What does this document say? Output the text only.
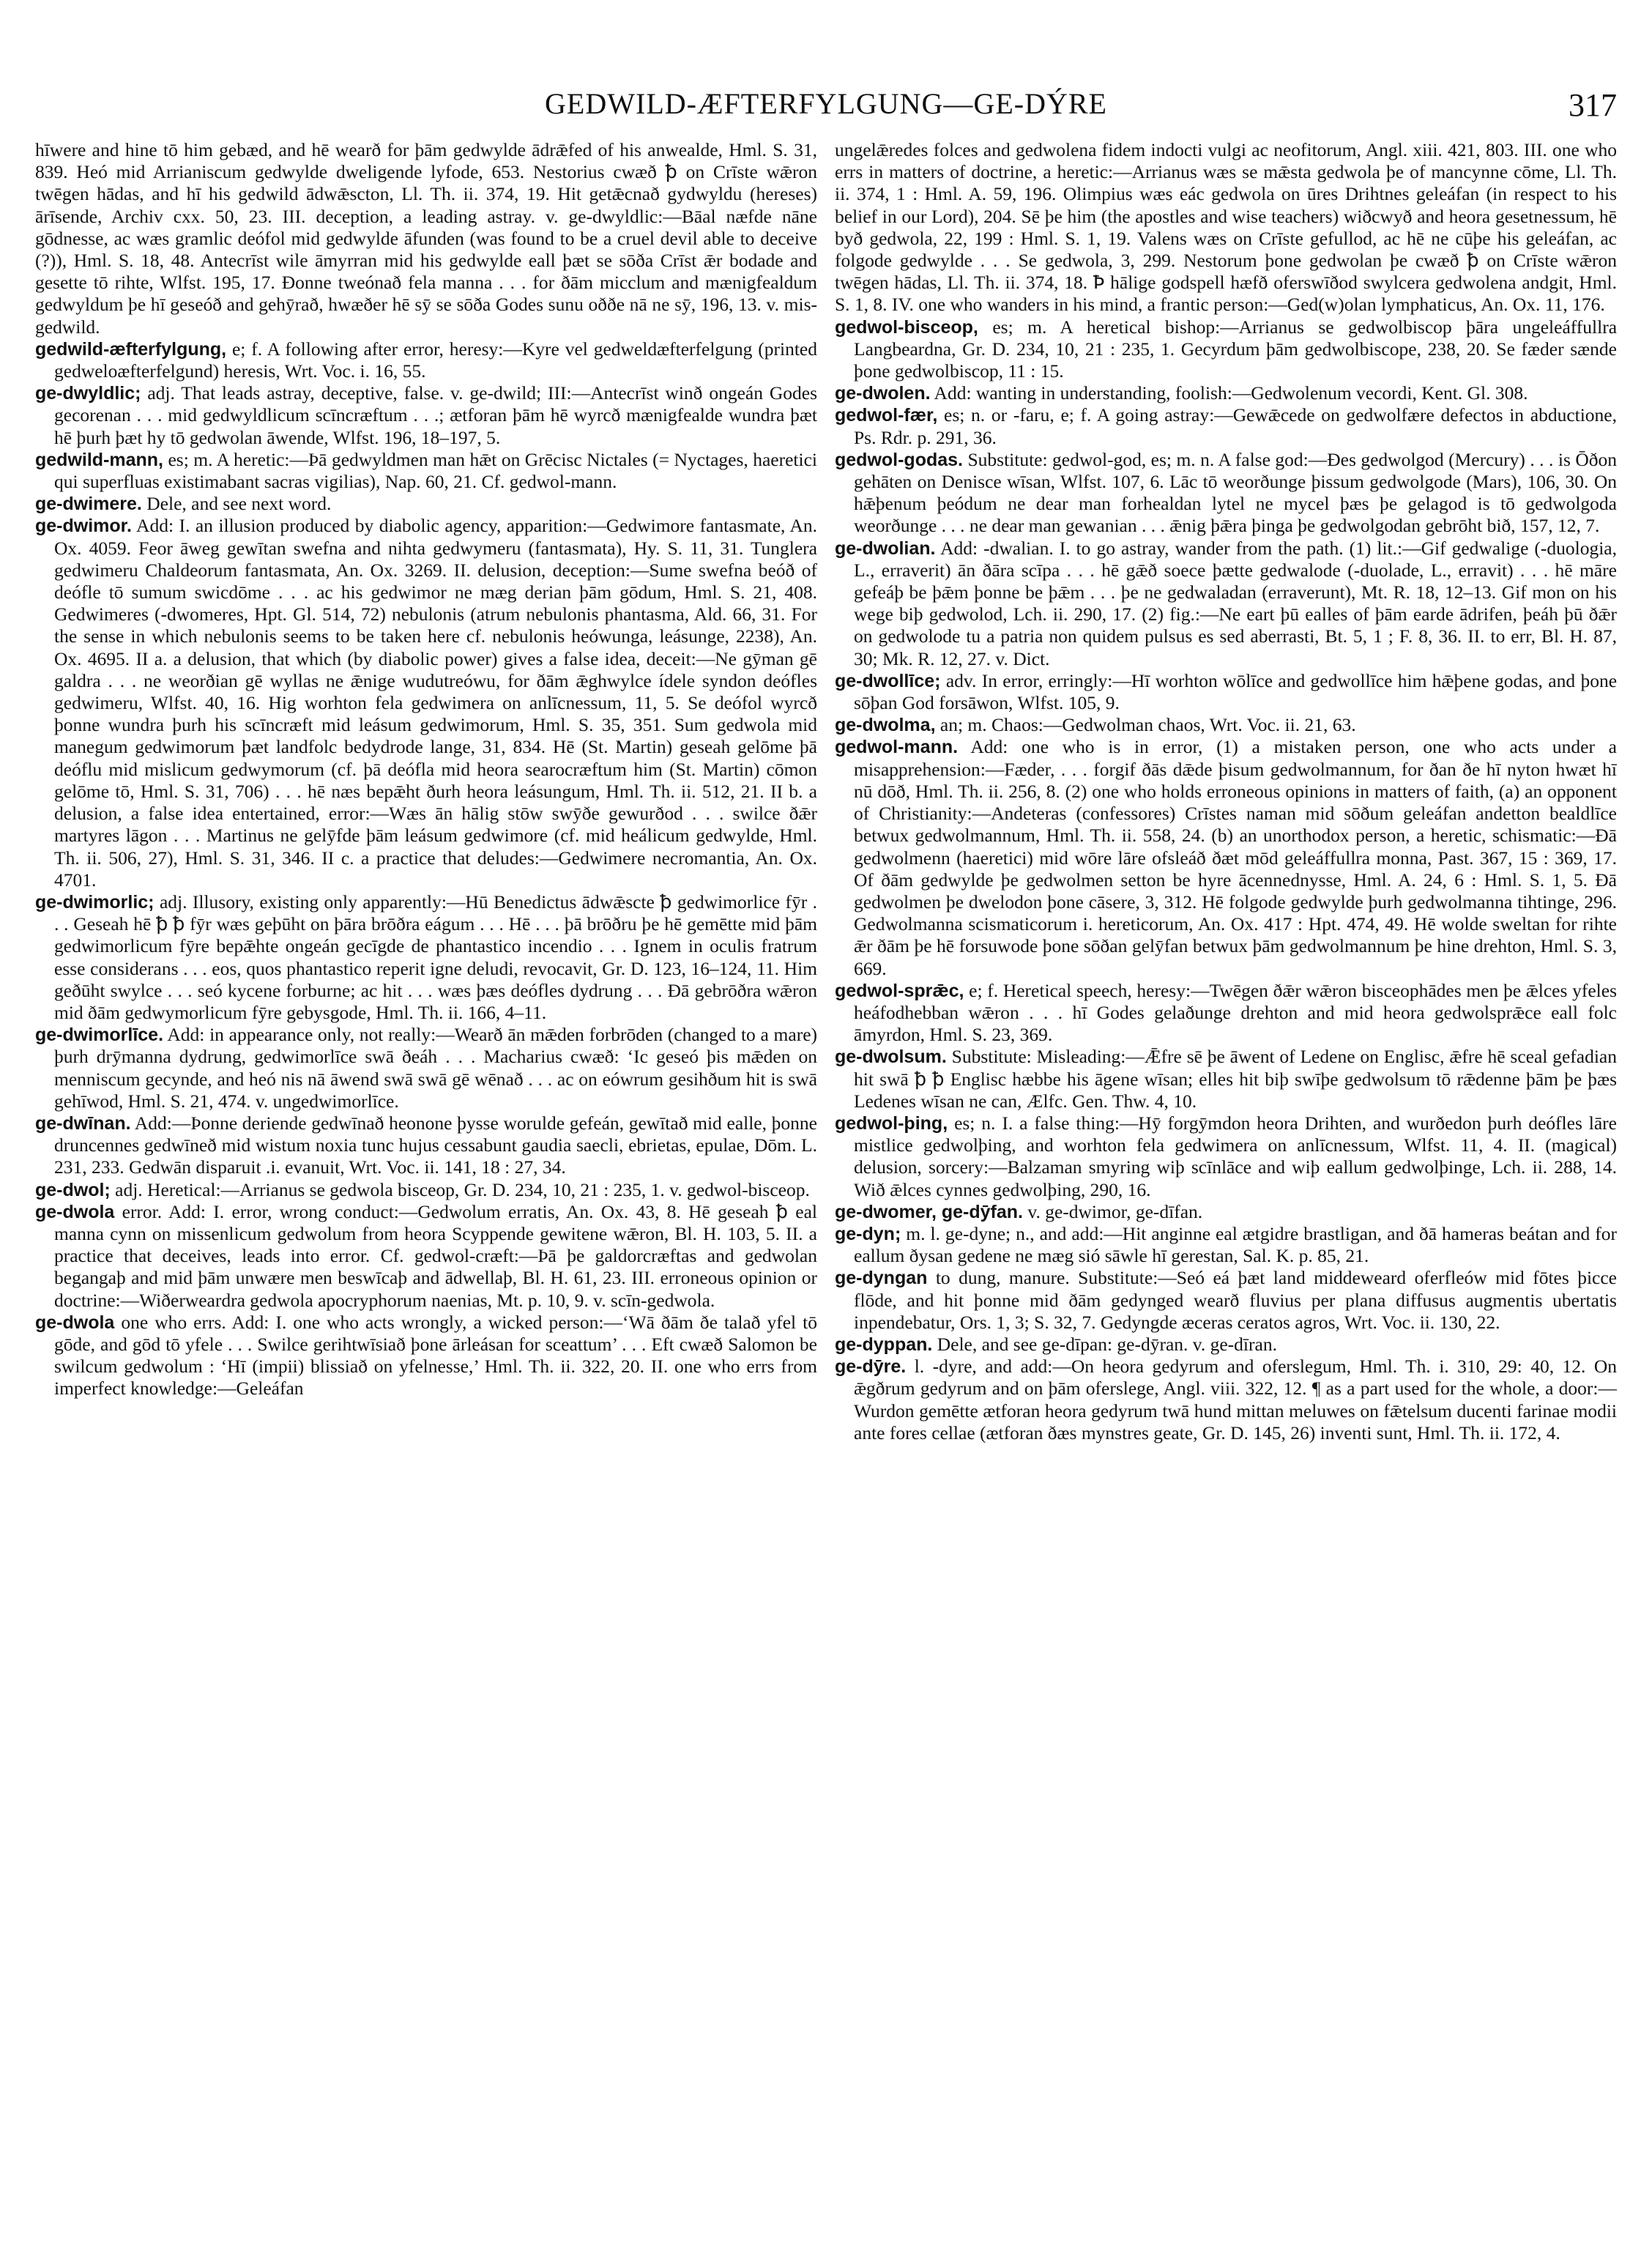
GEDWILD-ÆFTERFYLGUNG—GE-DÝRE	317

hīwere and hine tō him gebæd, and hē wearð for þām gedwylde ādrǣfed of his anwealde, Hml. S. 31, 839. Heó mid Arrianiscum gedwylde dweligende lyfode, 653. Nestorius cwæð ꝥ on Crīste wǣron twēgen hādas, and hī his gedwild ādwǣscton, Ll. Th. ii. 374, 19. Hit getǣcnað gydwyldu (hereses) ārīsende, Archiv cxx. 50, 23. III. deception, a leading astray. v. ge-dwyldlic:—Bāal næfde nāne gōdnesse, ac wæs gramlic deófol mid gedwylde āfunden (was found to be a cruel devil able to deceive (?)), Hml. S. 18, 48. Antecrīst wile āmyrran mid his gedwylde eall þæt se sōða Crīst ǣr bodade and gesette tō rihte, Wlfst. 195, 17. Đonne tweónað fela manna . . . for ðām micclum and mænigfealdum gedwyldum þe hī geseóð and gehȳrað, hwæðer hē sȳ se sōða Godes sunu oððe nā ne sȳ, 196, 13. v. mis-gedwild.

gedwild-æfterfylgung, e; f. A following after error, heresy:—Kyre vel gedweldæfterfelgung (printed gedweloæfterfelgund) heresis, Wrt. Voc. i. 16, 55.

ge-dwyldlic; adj. That leads astray, deceptive, false. v. ge-dwild; III:—Antecrīst winð ongeán Godes gecorenan . . . mid gedwyldlicum scīncræftum . . .; ætforan þām hē wyrcð mænigfealde wundra þæt hē þurh þæt hy tō gedwolan āwende, Wlfst. 196, 18–197, 5.

gedwild-mann, es; m. A heretic:—Þā gedwyldmen man hǣt on Grēcisc Nictales (= Nyctages, haeretici qui superfluas existimabant sacras vigilias), Nap. 60, 21. Cf. gedwol-mann.

ge-dwimere. Dele, and see next word.

ge-dwimor. Add: I. an illusion produced by diabolic agency, apparition:—Gedwimore fantasmate, An. Ox. 4059. Feor āweg gewītan swefna and nihta gedwymeru (fantasmata), Hy. S. 11, 31. Tunglera gedwimeru Chaldeorum fantasmata, An. Ox. 3269. II. delusion, deception:—Sume swefna beóð of deófle tō sumum swicdōme . . . ac his gedwimor ne mæg derian þām gōdum, Hml. S. 21, 408. Gedwimeres (-dwomeres, Hpt. Gl. 514, 72) nebulonis (atrum nebulonis phantasma, Ald. 66, 31. For the sense in which nebulonis seems to be taken here cf. nebulonis heówunga, leásunge, 2238), An. Ox. 4695. II a. a delusion, that which (by diabolic power) gives a false idea, deceit:—Ne gȳman gē galdra . . . ne weorðian gē wyllas ne ǣnige wudutreówu, for ðām ǣghwylce ídele syndon deófles gedwimeru, Wlfst. 40, 16. Hig worhton fela gedwimera on anlīcnessum, 11, 5. Se deófol wyrcð þonne wundra þurh his scīncræft mid leásum gedwimorum, Hml. S. 35, 351. Sum gedwola mid manegum gedwimorum þæt landfolc bedydrode lange, 31, 834. Hē (St. Martin) geseah gelōme þā deóflu mid mislicum gedwymorum (cf. þā deófla mid heora searocræftum him (St. Martin) cōmon gelōme tō, Hml. S. 31, 706) . . . hē næs bepǣht ðurh heora leásungum, Hml. Th. ii. 512, 21. II b. a delusion, a false idea entertained, error:—Wæs ān hālig stōw swȳðe gewurðod . . . swilce ðǣr martyres lāgon . . . Martinus ne gelȳfde þām leásum gedwimore (cf. mid heálicum gedwylde, Hml. Th. ii. 506, 27), Hml. S. 31, 346. II c. a practice that deludes:—Gedwimere necromantia, An. Ox. 4701.

ge-dwimorlic; adj. Illusory, existing only apparently:—Hū Benedictus ādwǣscte ꝥ gedwimorlice fȳr . . . Geseah hē ꝥ ꝥ fȳr wæs geþūht on þāra brōðra eágum . . . Hē . . . þā brōðru þe hē gemētte mid þām gedwimorlicum fȳre bepǣhte ongeán gecīgde de phantastico incendio . . . Ignem in oculis fratrum esse considerans . . . eos, quos phantastico reperit igne deludi, revocavit, Gr. D. 123, 16–124, 11. Him geðūht swylce . . . seó kycene forburne; ac hit . . . wæs þæs deófles dydrung . . . Đā gebrōðra wǣron mid ðām gedwymorlicum fȳre gebysgode, Hml. Th. ii. 166, 4–11.

ge-dwimorlīce. Add: in appearance only, not really:—Wearð ān mǣden forbrōden (changed to a mare) þurh drȳmanna dydrung, gedwimorlīce swā ðeáh . . . Macharius cwæð: ‘Ic geseó þis mǣden on menniscum gecynde, and heó nis nā āwend swā swā gē wēnað . . . ac on eówrum gesihðum hit is swā gehīwod, Hml. S. 21, 474. v. ungedwimorlīce.

ge-dwīnan. Add:—Þonne deriende gedwīnað heonone þysse worulde gefeán, gewītað mid ealle, þonne druncennes gedwīneð mid wistum noxia tunc hujus cessabunt gaudia saecli, ebrietas, epulae, Dōm. L. 231, 233. Gedwān disparuit .i. evanuit, Wrt. Voc. ii. 141, 18 : 27, 34.

ge-dwol; adj. Heretical:—Arrianus se gedwola bisceop, Gr. D. 234, 10, 21 : 235, 1. v. gedwol-bisceop.

ge-dwola error. Add: I. error, wrong conduct:—Gedwolum erratis, An. Ox. 43, 8. Hē geseah ꝥ eal manna cynn on missenlicum gedwolum from heora Scyppende gewitene wǣron, Bl. H. 103, 5. II. a practice that deceives, leads into error. Cf. gedwol-cræft:—Þā þe galdorcræftas and gedwolan begangaþ and mid þām unwære men beswīcaþ and ādwellaþ, Bl. H. 61, 23. III. erroneous opinion or doctrine:—Wiðerweardra gedwola apocryphorum naenias, Mt. p. 10, 9. v. scīn-gedwola.

ge-dwola one who errs. Add: I. one who acts wrongly, a wicked person:—‘Wā ðām ðe talað yfel tō gōde, and gōd tō yfele . . . Swilce gerihtwīsiað þone ārleásan for sceattum’ . . . Eft cwæð Salomon be swilcum gedwolum : ‘Hī (impii) blissiað on yfelnesse,’ Hml. Th. ii. 322, 20. II. one who errs from imperfect knowledge:—Geleáfan

ungelǣredes folces and gedwolena fidem indocti vulgi ac neofitorum, Angl. xiii. 421, 803. III. one who errs in matters of doctrine, a heretic:—Arrianus wæs se mǣsta gedwola þe of mancynne cōme, Ll. Th. ii. 374, 1 : Hml. A. 59, 196. Olimpius wæs eác gedwola on ūres Drihtnes geleáfan (in respect to his belief in our Lord), 204. Sē þe him (the apostles and wise teachers) wiðcwyð and heora gesetnessum, hē byð gedwola, 22, 199 : Hml. S. 1, 19. Valens wæs on Crīste gefullod, ac hē ne cūþe his geleáfan, ac folgode gedwylde . . . Se gedwola, 3, 299. Nestorum þone gedwolan þe cwæð ꝥ on Crīste wǣron twēgen hādas, Ll. Th. ii. 374, 18. Ꝥ hālige godspell hæfð oferswīðod swylcera gedwolena andgit, Hml. S. 1, 8. IV. one who wanders in his mind, a frantic person:—Ged(w)olan lymphaticus, An. Ox. 11, 176.

gedwol-bisceop, es; m. A heretical bishop:—Arrianus se gedwolbiscop þāra ungeleáffullra Langbeardna, Gr. D. 234, 10, 21 : 235, 1. Gecyrdum þām gedwolbiscope, 238, 20. Se fæder sænde þone gedwolbiscop, 11 : 15.

ge-dwolen. Add: wanting in understanding, foolish:—Gedwolenum vecordi, Kent. Gl. 308.

gedwol-fær, es; n. or -faru, e; f. A going astray:—Gewǣcede on gedwolfære defectos in abductione, Ps. Rdr. p. 291, 36.

gedwol-godas. Substitute: gedwol-god, es; m. n. A false god:—Đes gedwolgod (Mercury) . . . is Ōðon gehāten on Denisce wīsan, Wlfst. 107, 6. Lāc tō weorðunge þissum gedwolgode (Mars), 106, 30. On hǣþenum þeódum ne dear man forhealdan lytel ne mycel þæs þe gelagod is tō gedwolgoda weorðunge . . . ne dear man gewanian . . . ǣnig þǣra þinga þe gedwolgodan gebrōht bið, 157, 12, 7.

ge-dwolian. Add: -dwalian. I. to go astray, wander from the path. (1) lit.:—Gif gedwalige (-duologia, L., erraverit) ān ðāra scīpa . . . hē gǣð soece þætte gedwalode (-duolade, L., erravit) . . . hē māre gefeáþ be þǣm þonne be þǣm . . . þe ne gedwaladan (erraverunt), Mt. R. 18, 12–13. Gif mon on his wege biþ gedwolod, Lch. ii. 290, 17. (2) fig.:—Ne eart þū ealles of þām earde ādrifen, þeáh þū ðǣr on gedwolode tu a patria non quidem pulsus es sed aberrasti, Bt. 5, 1 ; F. 8, 36. II. to err, Bl. H. 87, 30; Mk. R. 12, 27. v. Dict.

ge-dwollīce; adv. In error, erringly:—Hī worhton wōlīce and gedwollīce him hǣþene godas, and þone sōþan God forsāwon, Wlfst. 105, 9.

ge-dwolma, an; m. Chaos:—Gedwolman chaos, Wrt. Voc. ii. 21, 63.

gedwol-mann. Add: one who is in error, (1) a mistaken person, one who acts under a misapprehension:—Fæder, . . . forgif ðās dǣde þisum gedwolmannum, for ðan ðe hī nyton hwæt hī nū dōð, Hml. Th. ii. 256, 8. (2) one who holds erroneous opinions in matters of faith, (a) an opponent of Christianity:—Andeteras (confessores) Crīstes naman mid sōðum geleáfan andetton bealdlīce betwux gedwolmannum, Hml. Th. ii. 558, 24. (b) an unorthodox person, a heretic, schismatic:—Đā gedwolmenn (haeretici) mid wōre lāre ofsleáð ðæt mōd geleáffullra monna, Past. 367, 15 : 369, 17. Of ðām gedwylde þe gedwolmen setton be hyre ācennednysse, Hml. A. 24, 6 : Hml. S. 1, 5. Đā gedwolmen þe dwelodon þone cāsere, 3, 312. Hē folgode gedwylde þurh gedwolmanna tihtinge, 296. Gedwolmanna scismaticorum i. hereticorum, An. Ox. 417 : Hpt. 474, 49. Hē wolde sweltan for rihte ǣr ðām þe hē forsuwode þone sōðan gelȳfan betwux þām gedwolmannum þe hine drehton, Hml. S. 3, 669.

gedwol-sprǣc, e; f. Heretical speech, heresy:—Twēgen ðǣr wǣron bisceophādes men þe ǣlces yfeles heáfodhebban wǣron . . . hī Godes gelaðunge drehton and mid heora gedwolsprǣce eall folc āmyrdon, Hml. S. 23, 369.

ge-dwolsum. Substitute: Misleading:—Ǣfre sē þe āwent of Ledene on Englisc, ǣfre hē sceal gefadian hit swā ꝥ ꝥ Englisc hæbbe his āgene wīsan; elles hit biþ swīþe gedwolsum tō rǣdenne þām þe þæs Ledenes wīsan ne can, Ælfc. Gen. Thw. 4, 10.

gedwol-þing, es; n. I. a false thing:—Hȳ forgȳmdon heora Drihten, and wurðedon þurh deófles lāre mistlice gedwolþing, and worhton fela gedwimera on anlīcnessum, Wlfst. 11, 4. II. (magical) delusion, sorcery:—Balzaman smyring wiþ scīnlāce and wiþ eallum gedwolþinge, Lch. ii. 288, 14. Wið ǣlces cynnes gedwolþing, 290, 16.

ge-dwomer, ge-dȳfan. v. ge-dwimor, ge-dīfan.

ge-dyn; m. l. ge-dyne; n., and add:—Hit anginne eal ætgidre brastligan, and ðā hameras beátan and for eallum ðysan gedene ne mæg sió sāwle hī gerestan, Sal. K. p. 85, 21.

ge-dyngan to dung, manure. Substitute:—Seó eá þæt land middeweard oferfleów mid fōtes þicce flōde, and hit þonne mid ðām gedynged wearð fluvius per plana diffusus augmentis ubertatis inpendebatur, Ors. 1, 3; S. 32, 7. Gedyngde æceras ceratos agros, Wrt. Voc. ii. 130, 22.

ge-dyppan. Dele, and see ge-dīpan: ge-dȳran. v. ge-dīran.

ge-dȳre. l. -dyre, and add:—On heora gedyrum and oferslegum, Hml. Th. i. 310, 29: 40, 12. On ǣgðrum gedyrum and on þām oferslege, Angl. viii. 322, 12. ¶ as a part used for the whole, a door:—Wurdon gemētte ætforan heora gedyrum twā hund mittan meluwes on fǣtelsum ducenti farinae modii ante fores cellae (ætforan ðæs mynstres geate, Gr. D. 145, 26) inventi sunt, Hml. Th. ii. 172, 4.
